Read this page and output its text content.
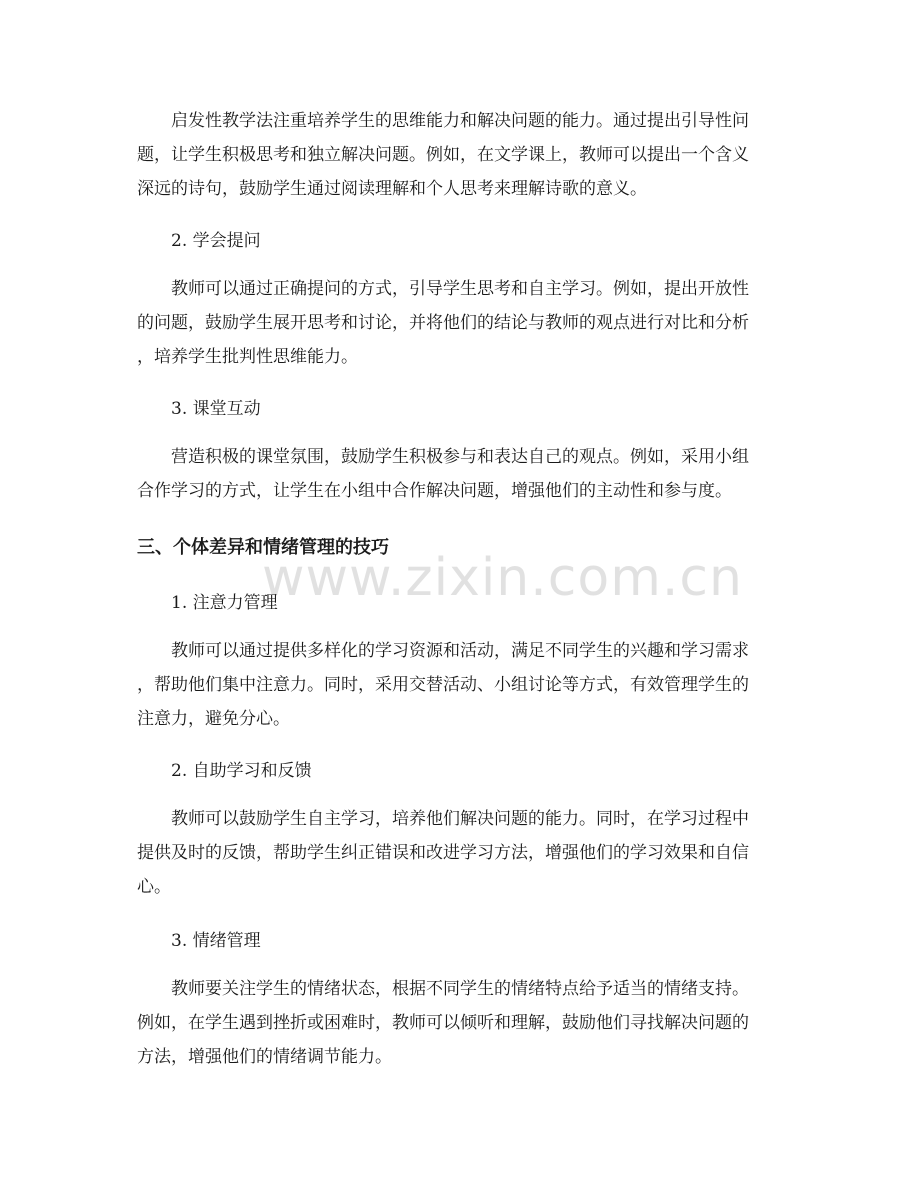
www.zixin.com.cn
启发性教学法注重培养学生的思维能力和解决问题的能力。通过提出引导性问
题，让学生积极思考和独立解决问题。例如，在文学课上，教师可以提出一个含义
深远的诗句，鼓励学生通过阅读理解和个人思考来理解诗歌的意义。
2. 学会提问
教师可以通过正确提问的方式，引导学生思考和自主学习。例如，提出开放性
的问题，鼓励学生展开思考和讨论，并将他们的结论与教师的观点进行对比和分析
，培养学生批判性思维能力。
3. 课堂互动
营造积极的课堂氛围，鼓励学生积极参与和表达自己的观点。例如，采用小组
合作学习的方式，让学生在小组中合作解决问题，增强他们的主动性和参与度。
三、个体差异和情绪管理的技巧
1. 注意力管理
教师可以通过提供多样化的学习资源和活动，满足不同学生的兴趣和学习需求
，帮助他们集中注意力。同时，采用交替活动、小组讨论等方式，有效管理学生的
注意力，避免分心。
2. 自助学习和反馈
教师可以鼓励学生自主学习，培养他们解决问题的能力。同时，在学习过程中
提供及时的反馈，帮助学生纠正错误和改进学习方法，增强他们的学习效果和自信
心。
3. 情绪管理
教师要关注学生的情绪状态，根据不同学生的情绪特点给予适当的情绪支持。
例如，在学生遇到挫折或困难时，教师可以倾听和理解，鼓励他们寻找解决问题的
方法，增强他们的情绪调节能力。
